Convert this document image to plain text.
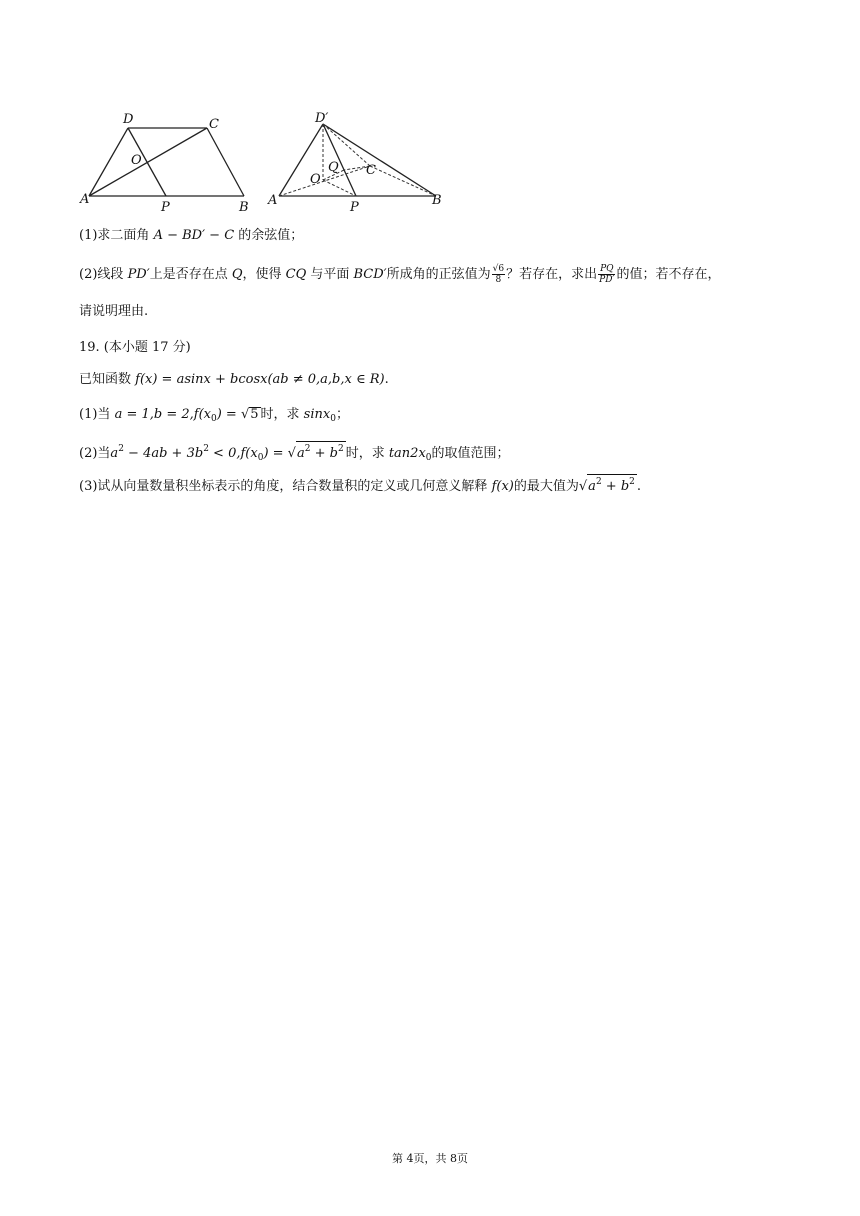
D	C
O
A
P	B
D′
Q C
O
A	P	B
(1)求二面角 A − BD′ − C 的余弦值；
(2)线段 PD′上是否存在点 Q，使得 CQ 与平面 BCD′所成角的正弦值为 $\frac{√6}{8}$ ？若存在，求出 $\frac{PQ}{PD'}$ 的值；若不存在，
请说明理由.
19. (本小题 17 分)
已知函数 f(x) = asinx + bcosx(ab ≠ 0,a,b,x ∈ R).
(1)当 $a = 1,b = 2,f(x_0) = √5$ 时，求 sinx$_0$；
(2)当$a^2 - 4ab + 3b^2 < 0,f(x_0) = √a^2 + b^2$ 时，求 $\tan 2x_0$的取值范围；
(3)试从向量数量积坐标表示的角度，结合数量积的定义或几何意义解释 f(x)的最大值为$√a^2 + b^2$ .
第 4页，共 8页
